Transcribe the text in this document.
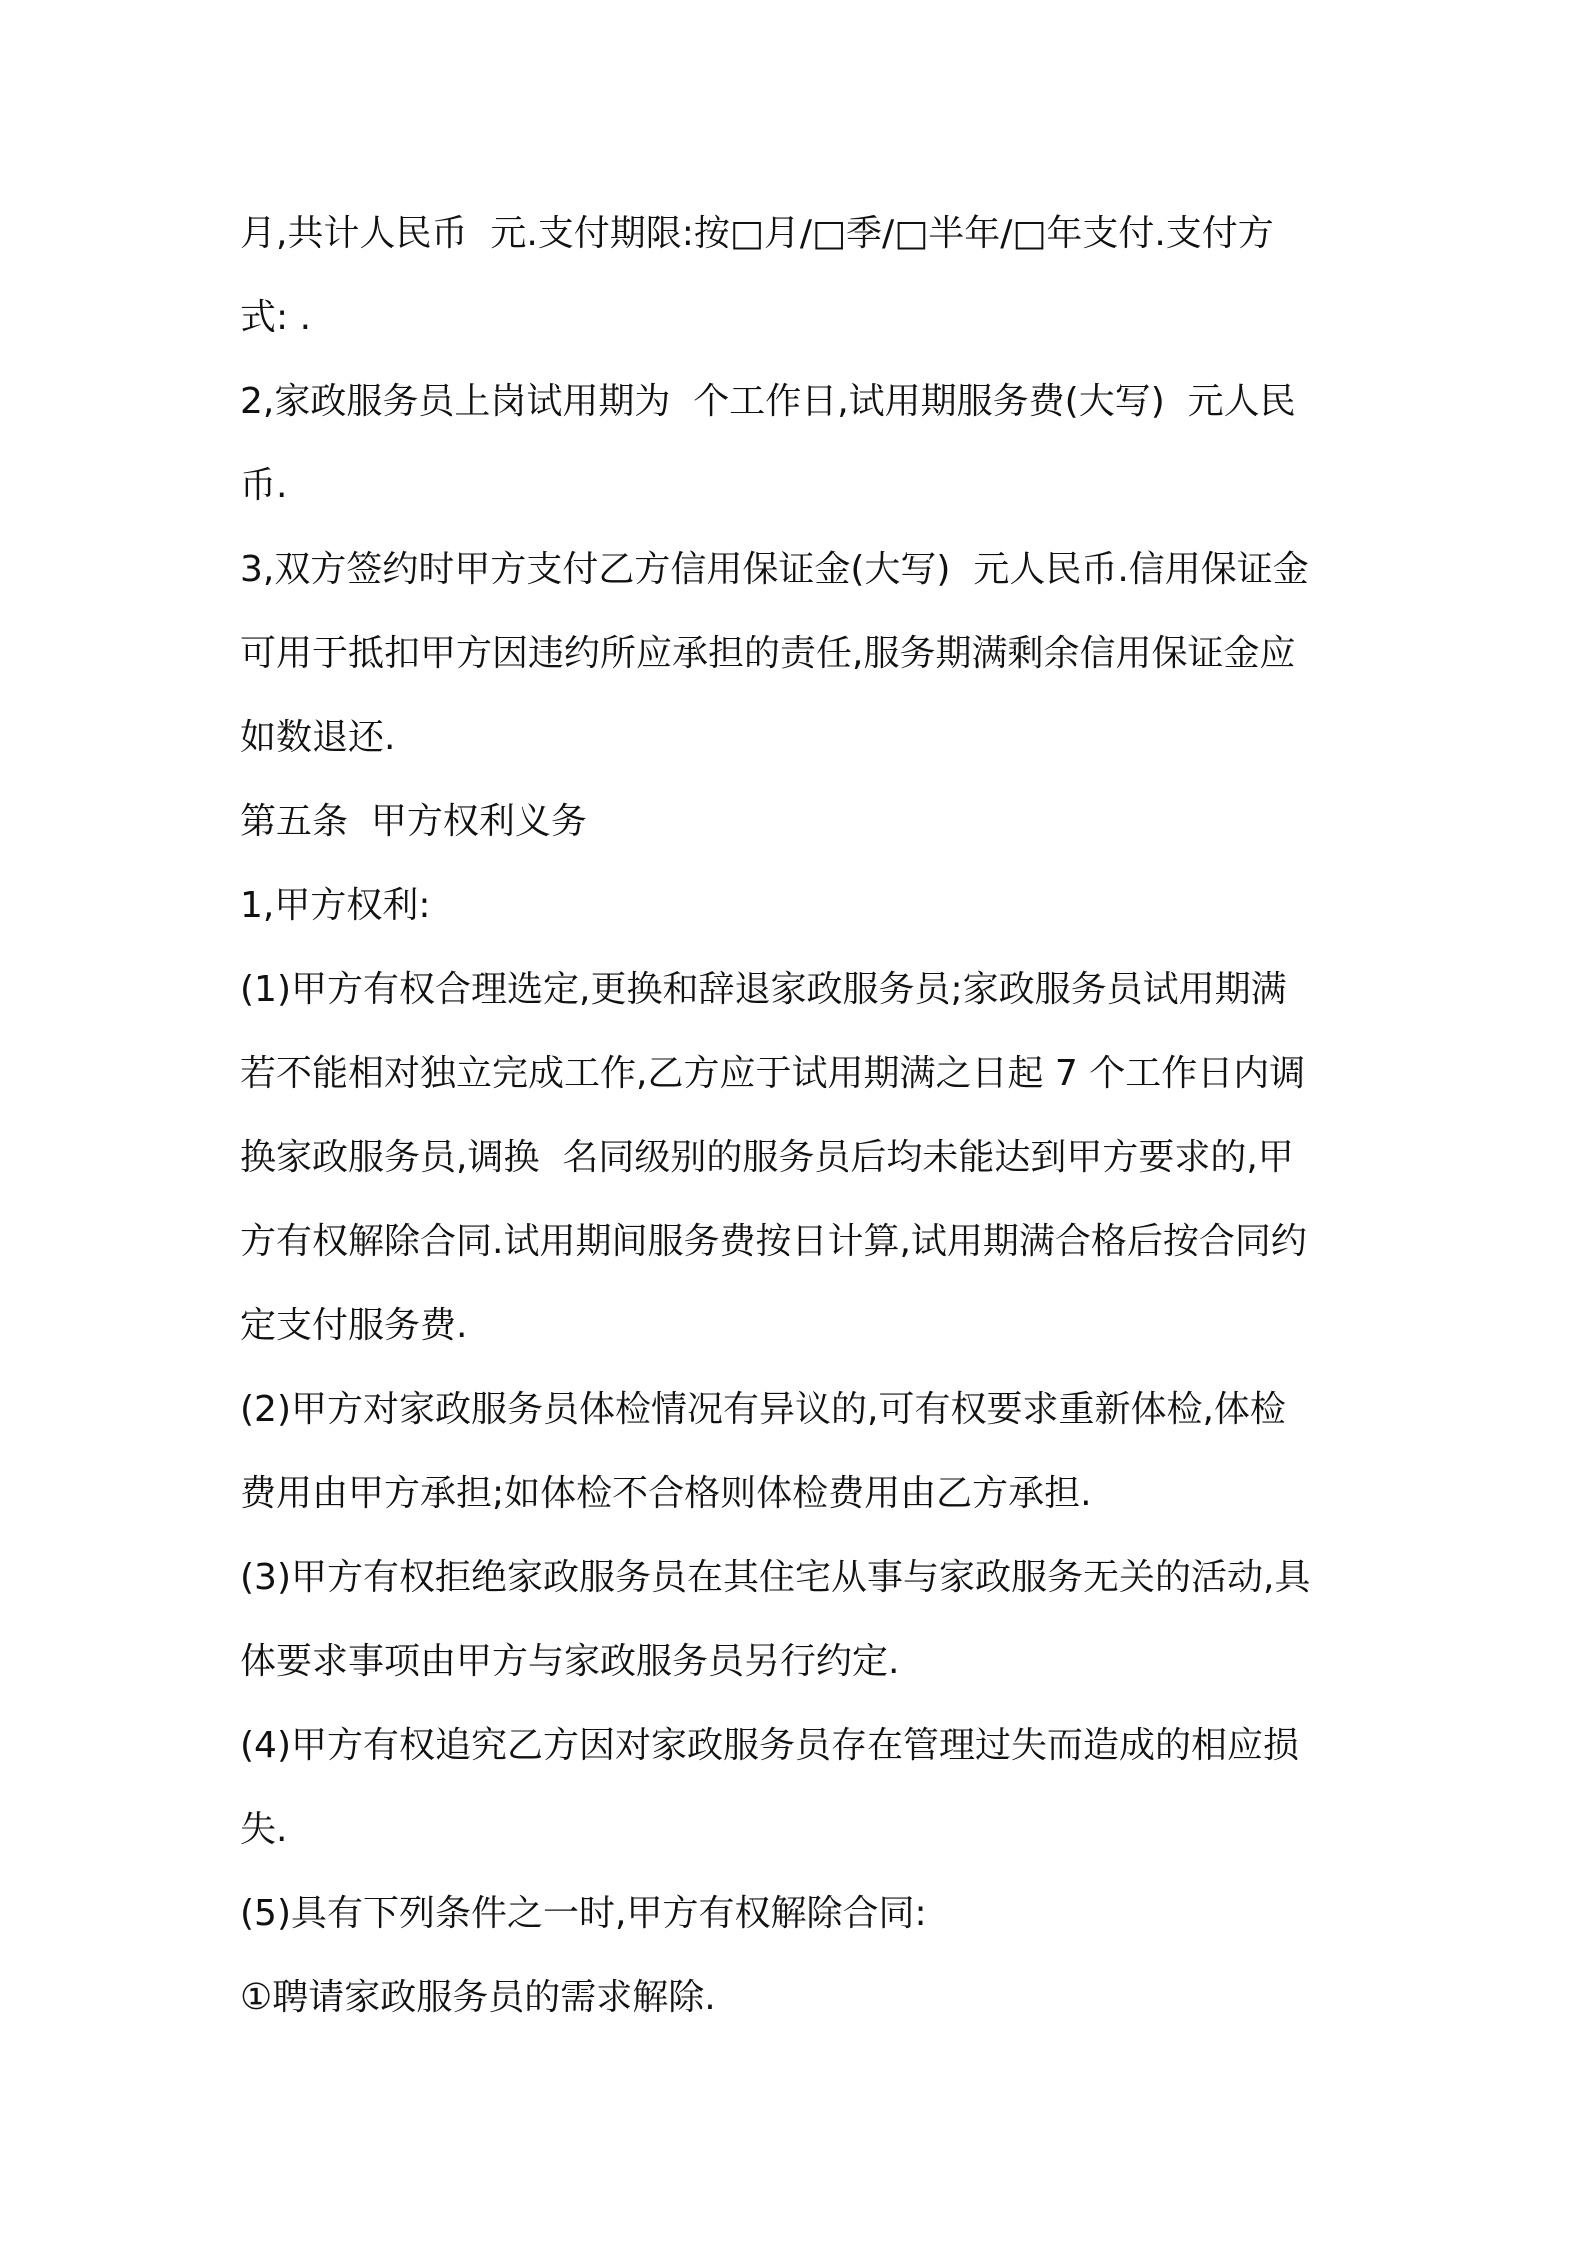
月,共计人民币  元.支付期限:按□月/□季/□半年/□年支付.支付方

式: .

2,家政服务员上岗试用期为  个工作日,试用期服务费(大写)  元人民

币.

3,双方签约时甲方支付乙方信用保证金(大写)  元人民币.信用保证金

可用于抵扣甲方因违约所应承担的责任,服务期满剩余信用保证金应

如数退还.

第五条  甲方权利义务

1,甲方权利:

(1)甲方有权合理选定,更换和辞退家政服务员;家政服务员试用期满

若不能相对独立完成工作,乙方应于试用期满之日起 7 个工作日内调

换家政服务员,调换  名同级别的服务员后均未能达到甲方要求的,甲

方有权解除合同.试用期间服务费按日计算,试用期满合格后按合同约

定支付服务费.

(2)甲方对家政服务员体检情况有异议的,可有权要求重新体检,体检

费用由甲方承担;如体检不合格则体检费用由乙方承担.

(3)甲方有权拒绝家政服务员在其住宅从事与家政服务无关的活动,具

体要求事项由甲方与家政服务员另行约定.

(4)甲方有权追究乙方因对家政服务员存在管理过失而造成的相应损

失.

(5)具有下列条件之一时,甲方有权解除合同:

①聘请家政服务员的需求解除.
